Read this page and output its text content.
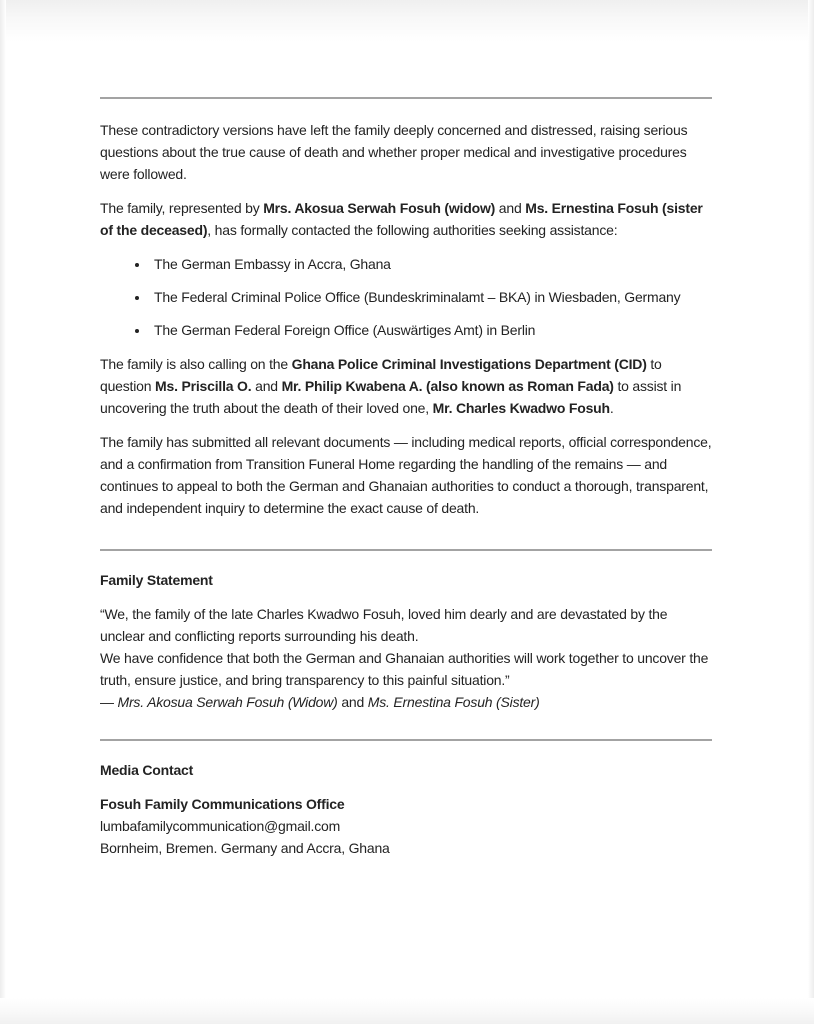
These contradictory versions have left the family deeply concerned and distressed, raising serious questions about the true cause of death and whether proper medical and investigative procedures were followed.

The family, represented by Mrs. Akosua Serwah Fosuh (widow) and Ms. Ernestina Fosuh (sister of the deceased), has formally contacted the following authorities seeking assistance:

• The German Embassy in Accra, Ghana
• The Federal Criminal Police Office (Bundeskriminalamt – BKA) in Wiesbaden, Germany
• The German Federal Foreign Office (Auswärtiges Amt) in Berlin

The family is also calling on the Ghana Police Criminal Investigations Department (CID) to question Ms. Priscilla O. and Mr. Philip Kwabena A. (also known as Roman Fada) to assist in uncovering the truth about the death of their loved one, Mr. Charles Kwadwo Fosuh.

The family has submitted all relevant documents — including medical reports, official correspondence, and a confirmation from Transition Funeral Home regarding the handling of the remains — and continues to appeal to both the German and Ghanaian authorities to conduct a thorough, transparent, and independent inquiry to determine the exact cause of death.

Family Statement
“We, the family of the late Charles Kwadwo Fosuh, loved him dearly and are devastated by the unclear and conflicting reports surrounding his death.
We have confidence that both the German and Ghanaian authorities will work together to uncover the truth, ensure justice, and bring transparency to this painful situation.”
— Mrs. Akosua Serwah Fosuh (Widow) and Ms. Ernestina Fosuh (Sister)
Media Contact
Fosuh Family Communications Office
lumbafamilycommunication@gmail.com
Bornheim, Bremen. Germany and Accra, Ghana
